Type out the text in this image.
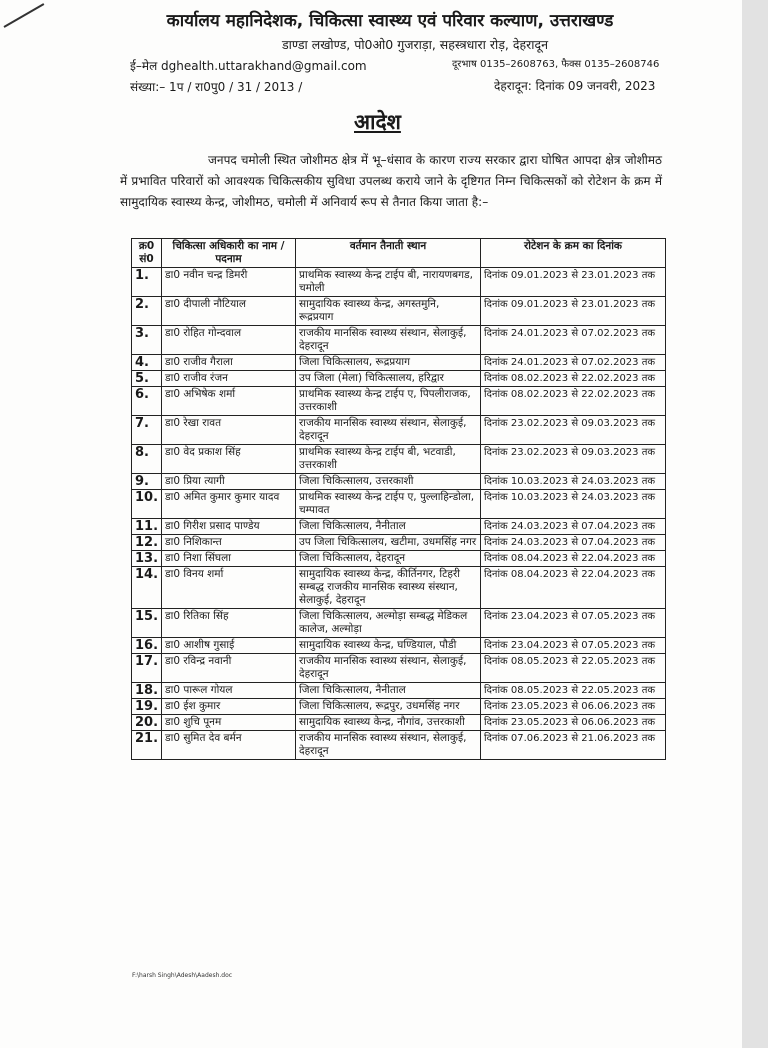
कार्यालय महानिदेशक, चिकित्सा स्वास्थ्य एवं परिवार कल्याण, उत्तराखण्ड
डाण्डा लखोण्ड, पो0ओ0 गुजराड़ा, सहस्त्रधारा रोड़, देहरादून
ई–मेल dghealth.uttarakhand@gmail.com	दूरभाष 0135–2608763, फैक्स 0135–2608746
संख्या:– 1प / रा0पु0 / 31 / 2013 /	देहरादून: दिनांक 09 जनवरी, 2023
आदेश
जनपद चमोली स्थित जोशीमठ क्षेत्र में भू–धंसाव के कारण राज्य सरकार द्वारा घोषित आपदा क्षेत्र जोशीमठ में प्रभावित परिवारों को आवश्यक चिकित्सकीय सुविधा उपलब्ध कराये जाने के दृष्टिगत निम्न चिकित्सकों को रोटेशन के क्रम में सामुदायिक स्वास्थ्य केन्द्र, जोशीमठ, चमोली में अनिवार्य रूप से तैनात किया जाता है:–
क्र0 सं0	चिकित्सा अधिकारी का नाम / पदनाम	वर्तमान तैनाती स्थान	रोटेशन के क्रम का दिनांक
1.	डा0 नवीन चन्द्र डिमरी	प्राथमिक स्वास्थ्य केन्द्र टाईप बी, नारायणबगड, चमोली	दिनांक 09.01.2023 से 23.01.2023 तक
2.	डा0 दीपाली नौटियाल	सामुदायिक स्वास्थ्य केन्द्र, अगस्तमुनि, रूद्रप्रयाग	दिनांक 09.01.2023 से 23.01.2023 तक
3.	डा0 रोहित गोन्दवाल	राजकीय मानसिक स्वास्थ्य संस्थान, सेलाकुई, देहरादून	दिनांक 24.01.2023 से 07.02.2023 तक
4.	डा0 राजीव गैराला	जिला चिकित्सालय, रूद्रप्रयाग	दिनांक 24.01.2023 से 07.02.2023 तक
5.	डा0 राजीव रंजन	उप जिला (मेला) चिकित्सालय, हरिद्वार	दिनांक 08.02.2023 से 22.02.2023 तक
6.	डा0 अभिषेक शर्मा	प्राथमिक स्वास्थ्य केन्द्र टाईप ए, पिपलीराजक, उत्तरकाशी	दिनांक 08.02.2023 से 22.02.2023 तक
7.	डा0 रेखा रावत	राजकीय मानसिक स्वास्थ्य संस्थान, सेलाकुई, देहरादून	दिनांक 23.02.2023 से 09.03.2023 तक
8.	डा0 वेद प्रकाश सिंह	प्राथमिक स्वास्थ्य केन्द्र टाईप बी, भटवाडी, उत्तरकाशी	दिनांक 23.02.2023 से 09.03.2023 तक
9.	डा0 प्रिया त्यागी	जिला चिकित्सालय, उत्तरकाशी	दिनांक 10.03.2023 से 24.03.2023 तक
10.	डा0 अमित कुमार कुमार यादव	प्राथमिक स्वास्थ्य केन्द्र टाईप ए, पुल्लाहिन्डोला, चम्पावत	दिनांक 10.03.2023 से 24.03.2023 तक
11.	डा0 गिरीश प्रसाद पाण्डेय	जिला चिकित्सालय, नैनीताल	दिनांक 24.03.2023 से 07.04.2023 तक
12.	डा0 निशिकान्त	उप जिला चिकित्सालय, खटीमा, उधमसिंह नगर	दिनांक 24.03.2023 से 07.04.2023 तक
13.	डा0 निशा सिंघला	जिला चिकित्सालय, देहरादून	दिनांक 08.04.2023 से 22.04.2023 तक
14.	डा0 विनय शर्मा	सामुदायिक स्वास्थ्य केन्द्र, कीर्तिनगर, टिहरी सम्बद्ध राजकीय मानसिक स्वास्थ्य संस्थान, सेलाकुई, देहरादून	दिनांक 08.04.2023 से 22.04.2023 तक
15.	डा0 रितिका सिंह	जिला चिकित्सालय, अल्मोड़ा सम्बद्ध मेडिकल कालेज, अल्मोड़ा	दिनांक 23.04.2023 से 07.05.2023 तक
16.	डा0 आशीष गुसाई	सामुदायिक स्वास्थ्य केन्द्र, घण्डियाल, पौडी	दिनांक 23.04.2023 से 07.05.2023 तक
17.	डा0 रविन्द्र नवानी	राजकीय मानसिक स्वास्थ्य संस्थान, सेलाकुई, देहरादून	दिनांक 08.05.2023 से 22.05.2023 तक
18.	डा0 पारूल गोयल	जिला चिकित्सालय, नैनीताल	दिनांक 08.05.2023 से 22.05.2023 तक
19.	डा0 ईश कुमार	जिला चिकित्सालय, रूद्रपुर, उधमसिंह नगर	दिनांक 23.05.2023 से 06.06.2023 तक
20.	डा0 शुचि पूनम	सामुदायिक स्वास्थ्य केन्द्र, नौगांव, उत्तरकाशी	दिनांक 23.05.2023 से 06.06.2023 तक
21.	डा0 सुमित देव बर्मन	राजकीय मानसिक स्वास्थ्य संस्थान, सेलाकुई, देहरादून	दिनांक 07.06.2023 से 21.06.2023 तक
F:\harsh Singh\Adesh\Aadesh.doc
